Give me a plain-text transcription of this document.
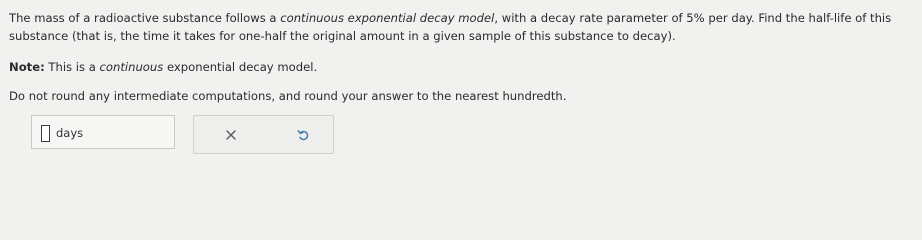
The mass of a radioactive substance follows a continuous exponential decay model, with a decay rate parameter of 5% per day. Find the half-life of this substance (that is, the time it takes for one-half the original amount in a given sample of this substance to decay).

Note: This is a continuous exponential decay model.

Do not round any intermediate computations, and round your answer to the nearest hundredth.

days
